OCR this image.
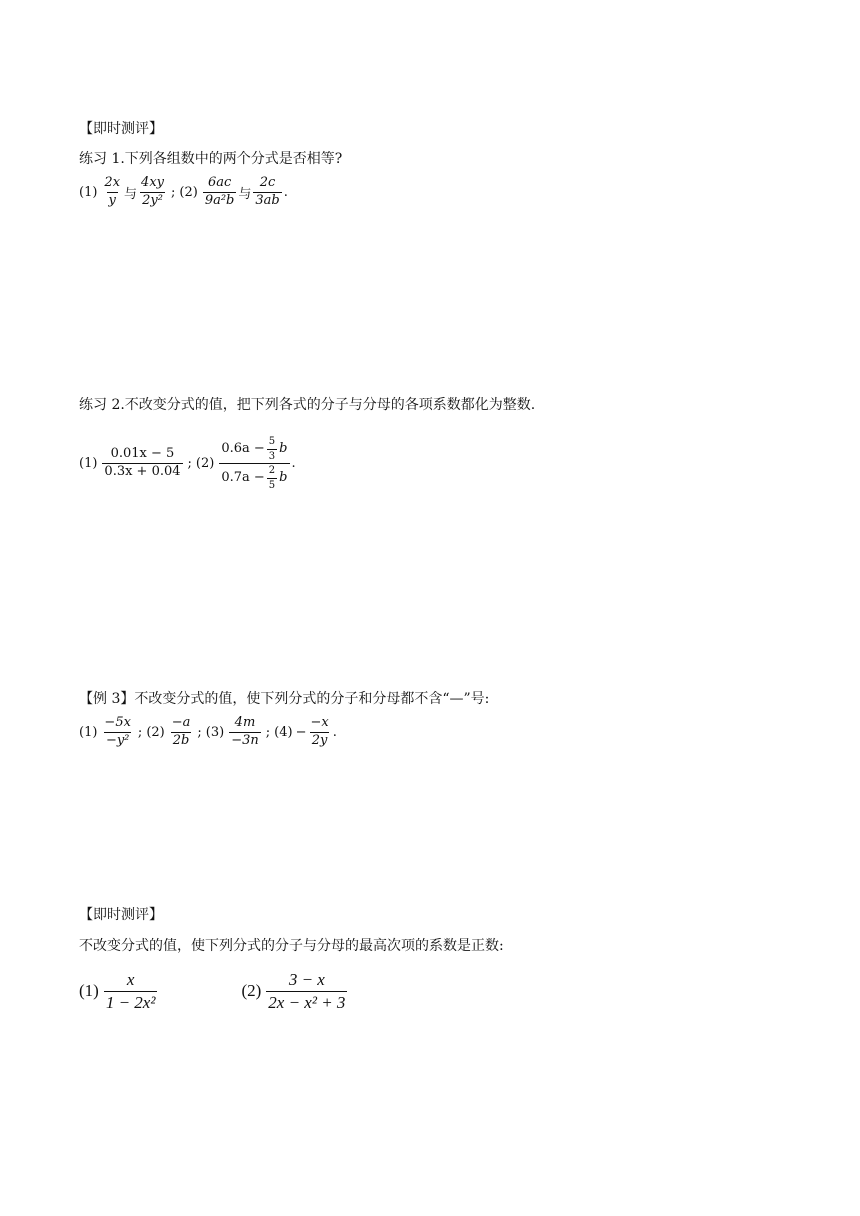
【即时测评】
练习 1.下列各组数中的两个分式是否相等?
$(1) \frac{2x}{y}$ 与 $\frac{4xy}{\text{2y²}}$ ; $(2) \frac{6ac}{\text{9a²b}}$ 与 $\frac{2c}{3ab}$ .
练习 2.不改变分式的值，把下列各式的分子与分母的各项系数都化为整数.
$(1) \frac{0.01x - 5}{0.3x + 0.04}$ ; $(2) \frac{0.6a - \frac{5}{3} b}{0.7a - \frac{2}{5} b}$ .
【例 3】不改变分式的值，使下列分式的分子和分母都不含“—”号:
$(1) \frac{-5x}{\text{−y²}}$ ; $(2) \frac{-a}{2b}$ ; $(3) \frac{4m}{-3n}$ ; $(4) - \frac{-x}{2y}$ .
【即时测评】
不改变分式的值，使下列分式的分子与分母的最高次项的系数是正数:
$(1) \frac{x}{\text{1 − 2x²}}$	$(2) \frac{3 - x}{\text{2x − x² + 3}}$
